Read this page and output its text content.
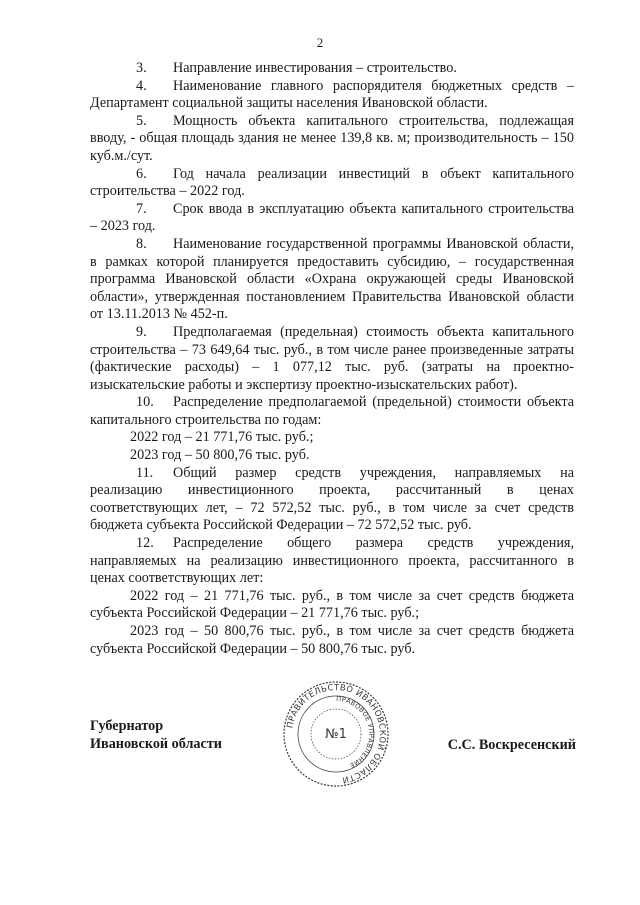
2

3. Направление инвестирования – строительство.

4. Наименование главного распорядителя бюджетных средств – Департамент социальной защиты населения Ивановской области.

5. Мощность объекта капитального строительства, подлежащая вводу, - общая площадь здания не менее 139,8 кв. м; производительность – 150 куб.м./сут.

6. Год начала реализации инвестиций в объект капитального строительства – 2022 год.

7. Срок ввода в эксплуатацию объекта капитального строительства – 2023 год.

8. Наименование государственной программы Ивановской области, в рамках которой планируется предоставить субсидию, – государственная программа Ивановской области «Охрана окружающей среды Ивановской области», утвержденная постановлением Правительства Ивановской области от 13.11.2013 № 452-п.

9. Предполагаемая (предельная) стоимость объекта капитального строительства – 73 649,64 тыс. руб., в том числе ранее произведенные затраты (фактические расходы) – 1 077,12 тыс. руб. (затраты на проектно-изыскательские работы и экспертизу проектно-изыскательских работ).

10. Распределение предполагаемой (предельной) стоимости объекта капитального строительства по годам:

2022 год – 21 771,76 тыс. руб.;

2023 год – 50 800,76 тыс. руб.

11. Общий размер средств учреждения, направляемых на реализацию инвестиционного проекта, рассчитанный в ценах соответствующих лет, – 72 572,52 тыс. руб., в том числе за счет средств бюджета субъекта Российской Федерации – 72 572,52 тыс. руб.

12. Распределение общего размера средств учреждения, направляемых на реализацию инвестиционного проекта, рассчитанного в ценах соответствующих лет:

2022 год – 21 771,76 тыс. руб., в том числе за счет средств бюджета субъекта Российской Федерации – 21 771,76 тыс. руб.;

2023 год – 50 800,76 тыс. руб., в том числе за счет средств бюджета субъекта Российской Федерации – 50 800,76 тыс. руб.

Губернатор
Ивановской области
ПРАВИТЕЛЬСТВО ИВАНОВСКОЙ ОБЛАСТИ
ПРАВОВОЕ УПРАВЛЕНИЕ
№1
С.С. Воскресенский
